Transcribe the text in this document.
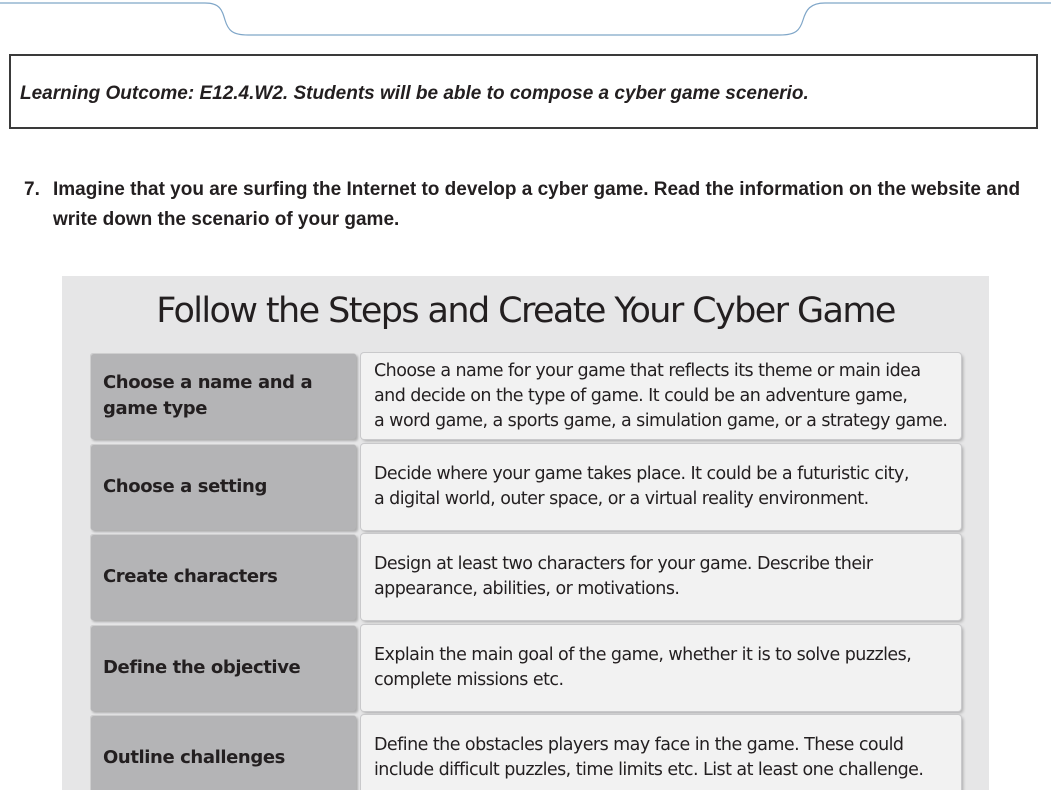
Learning Outcome: E12.4.W2. Students will be able to compose a cyber game scenerio.
7. Imagine that you are surfing the Internet to develop a cyber game. Read the information on the website and write down the scenario of your game.
Follow the Steps and Create Your Cyber Game
Choose a name and a game type
Choose a name for your game that reflects its theme or main idea
and decide on the type of game. It could be an adventure game,
a word game, a sports game, a simulation game, or a strategy game.
Choose a setting
Decide where your game takes place. It could be a futuristic city,
a digital world, outer space, or a virtual reality environment.
Create characters
Design at least two characters for your game. Describe their
appearance, abilities, or motivations.
Define the objective
Explain the main goal of the game, whether it is to solve puzzles,
complete missions etc.
Outline challenges
Define the obstacles players may face in the game. These could
include difficult puzzles, time limits etc. List at least one challenge.
